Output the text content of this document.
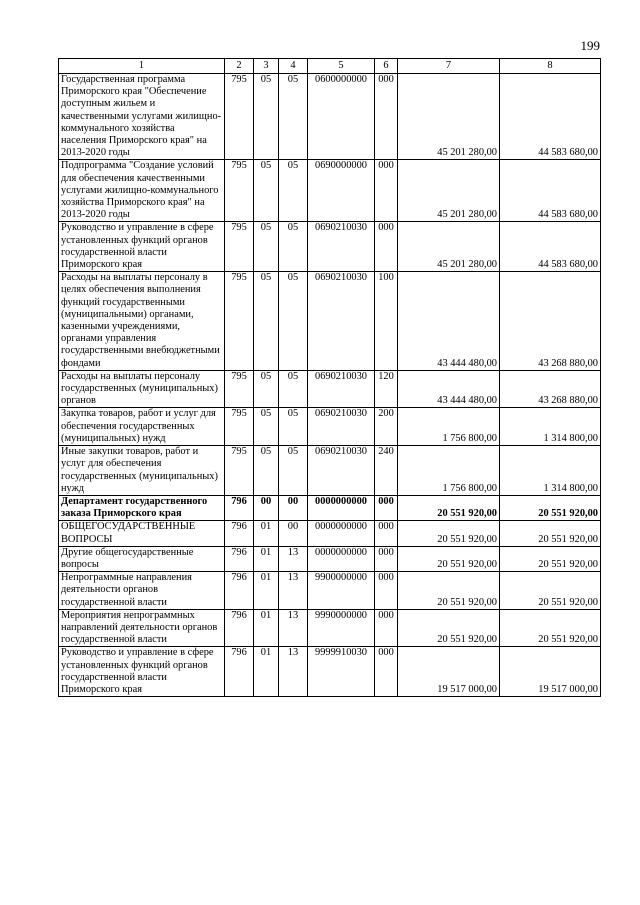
199
1	2	3	4	5	6	7	8
Государственная программа Приморского края "Обеспечение доступным жильем и качественными услугами жилищно-коммунального хозяйства населения Приморского края" на 2013-2020 годы	795	05	05	0600000000	000	45 201 280,00	44 583 680,00
Подпрограмма "Создание условий для обеспечения качественными услугами жилищно-коммунального хозяйства Приморского края" на 2013-2020 годы	795	05	05	0690000000	000	45 201 280,00	44 583 680,00
Руководство и управление в сфере установленных функций органов государственной власти Приморского края	795	05	05	0690210030	000	45 201 280,00	44 583 680,00
Расходы на выплаты персоналу в целях обеспечения выполнения функций государственными (муниципальными) органами, казенными учреждениями, органами управления государственными внебюджетными фондами	795	05	05	0690210030	100	43 444 480,00	43 268 880,00
Расходы на выплаты персоналу государственных (муниципальных) органов	795	05	05	0690210030	120	43 444 480,00	43 268 880,00
Закупка товаров, работ и услуг для обеспечения государственных (муниципальных) нужд	795	05	05	0690210030	200	1 756 800,00	1 314 800,00
Иные закупки товаров, работ и услуг для обеспечения государственных (муниципальных) нужд	795	05	05	0690210030	240	1 756 800,00	1 314 800,00
Департамент государственного заказа Приморского края	796	00	00	0000000000	000	20 551 920,00	20 551 920,00
ОБЩЕГОСУДАРСТВЕННЫЕ ВОПРОСЫ	796	01	00	0000000000	000	20 551 920,00	20 551 920,00
Другие общегосударственные вопросы	796	01	13	0000000000	000	20 551 920,00	20 551 920,00
Непрограммные направления деятельности органов государственной власти	796	01	13	9900000000	000	20 551 920,00	20 551 920,00
Мероприятия непрограммных направлений деятельности органов государственной власти	796	01	13	9990000000	000	20 551 920,00	20 551 920,00
Руководство и управление в сфере установленных функций органов государственной власти Приморского края	796	01	13	9999910030	000	19 517 000,00	19 517 000,00
